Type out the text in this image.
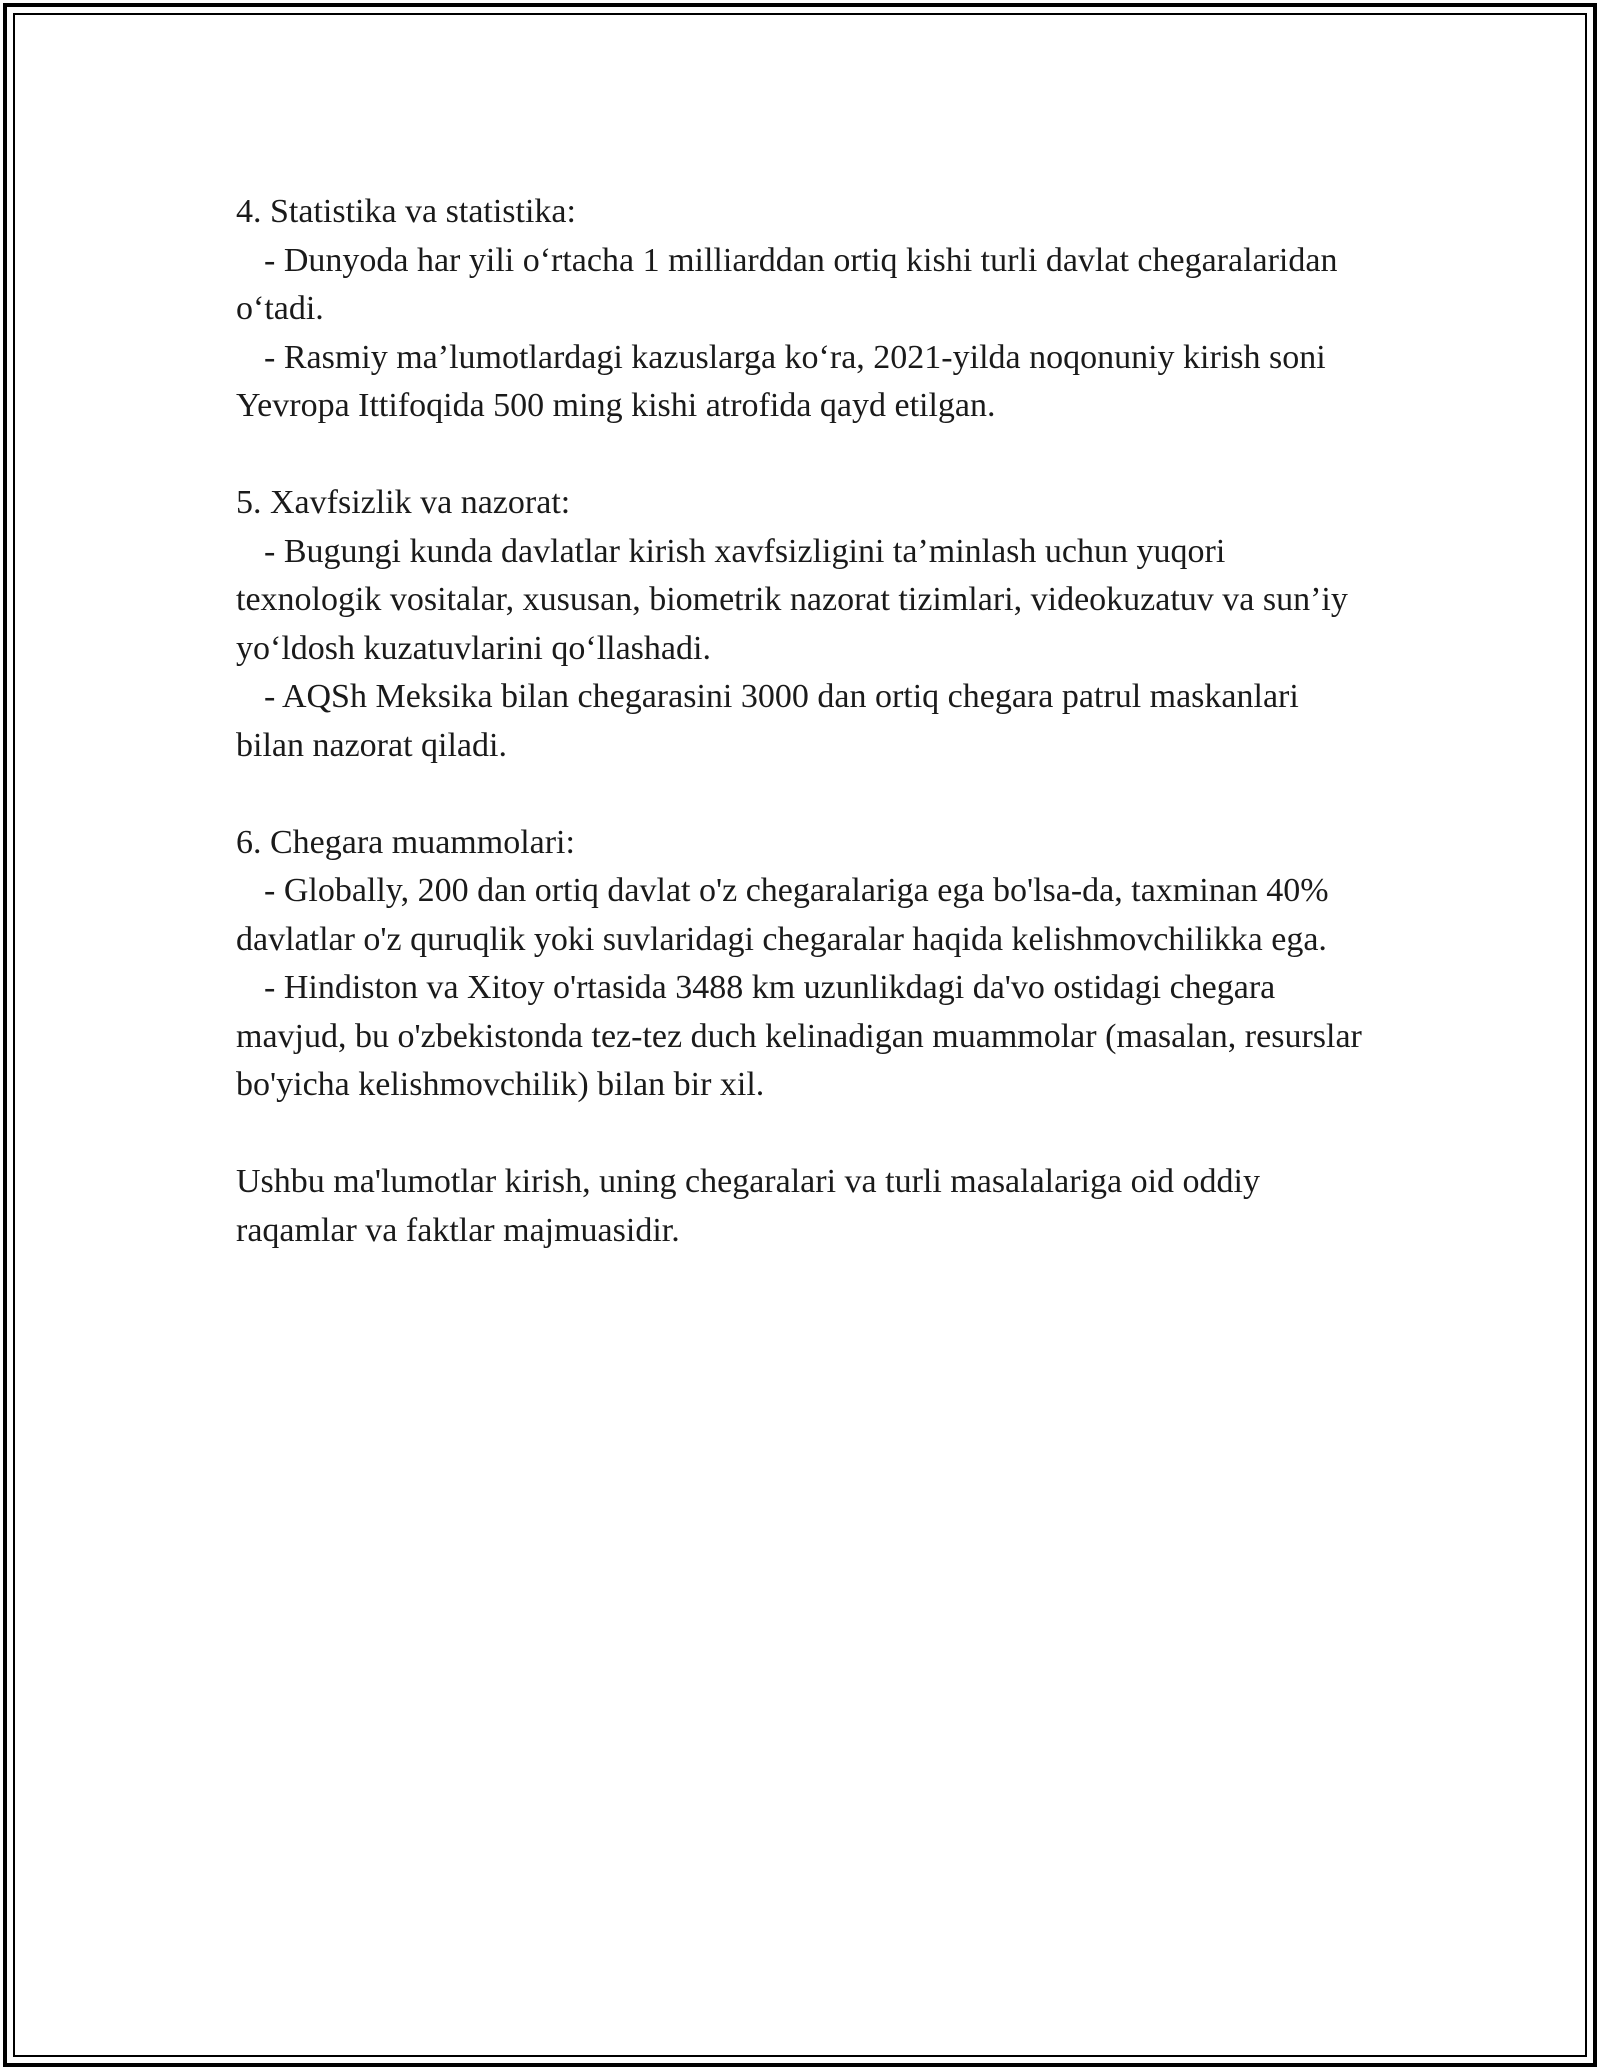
4. Statistika va statistika:

- Dunyoda har yili o‘rtacha 1 milliarddan ortiq kishi turli davlat chegaralaridan o‘tadi.

- Rasmiy ma’lumotlardagi kazuslarga ko‘ra, 2021-yilda noqonuniy kirish soni Yevropa Ittifoqida 500 ming kishi atrofida qayd etilgan.

5. Xavfsizlik va nazorat:

- Bugungi kunda davlatlar kirish xavfsizligini ta’minlash uchun yuqori texnologik vositalar, xususan, biometrik nazorat tizimlari, videokuzatuv va sun’iy yo‘ldosh kuzatuvlarini qo‘llashadi.

- AQSh Meksika bilan chegarasini 3000 dan ortiq chegara patrul maskanlari bilan nazorat qiladi.

6. Chegara muammolari:

- Globally, 200 dan ortiq davlat o'z chegaralariga ega bo'lsa-da, taxminan 40% davlatlar o'z quruqlik yoki suvlaridagi chegaralar haqida kelishmovchilikka ega.

- Hindiston va Xitoy o'rtasida 3488 km uzunlikdagi da'vo ostidagi chegara mavjud, bu o'zbekistonda tez-tez duch kelinadigan muammolar (masalan, resurslar bo'yicha kelishmovchilik) bilan bir xil.

Ushbu ma'lumotlar kirish, uning chegaralari va turli masalalariga oid oddiy raqamlar va faktlar majmuasidir.
